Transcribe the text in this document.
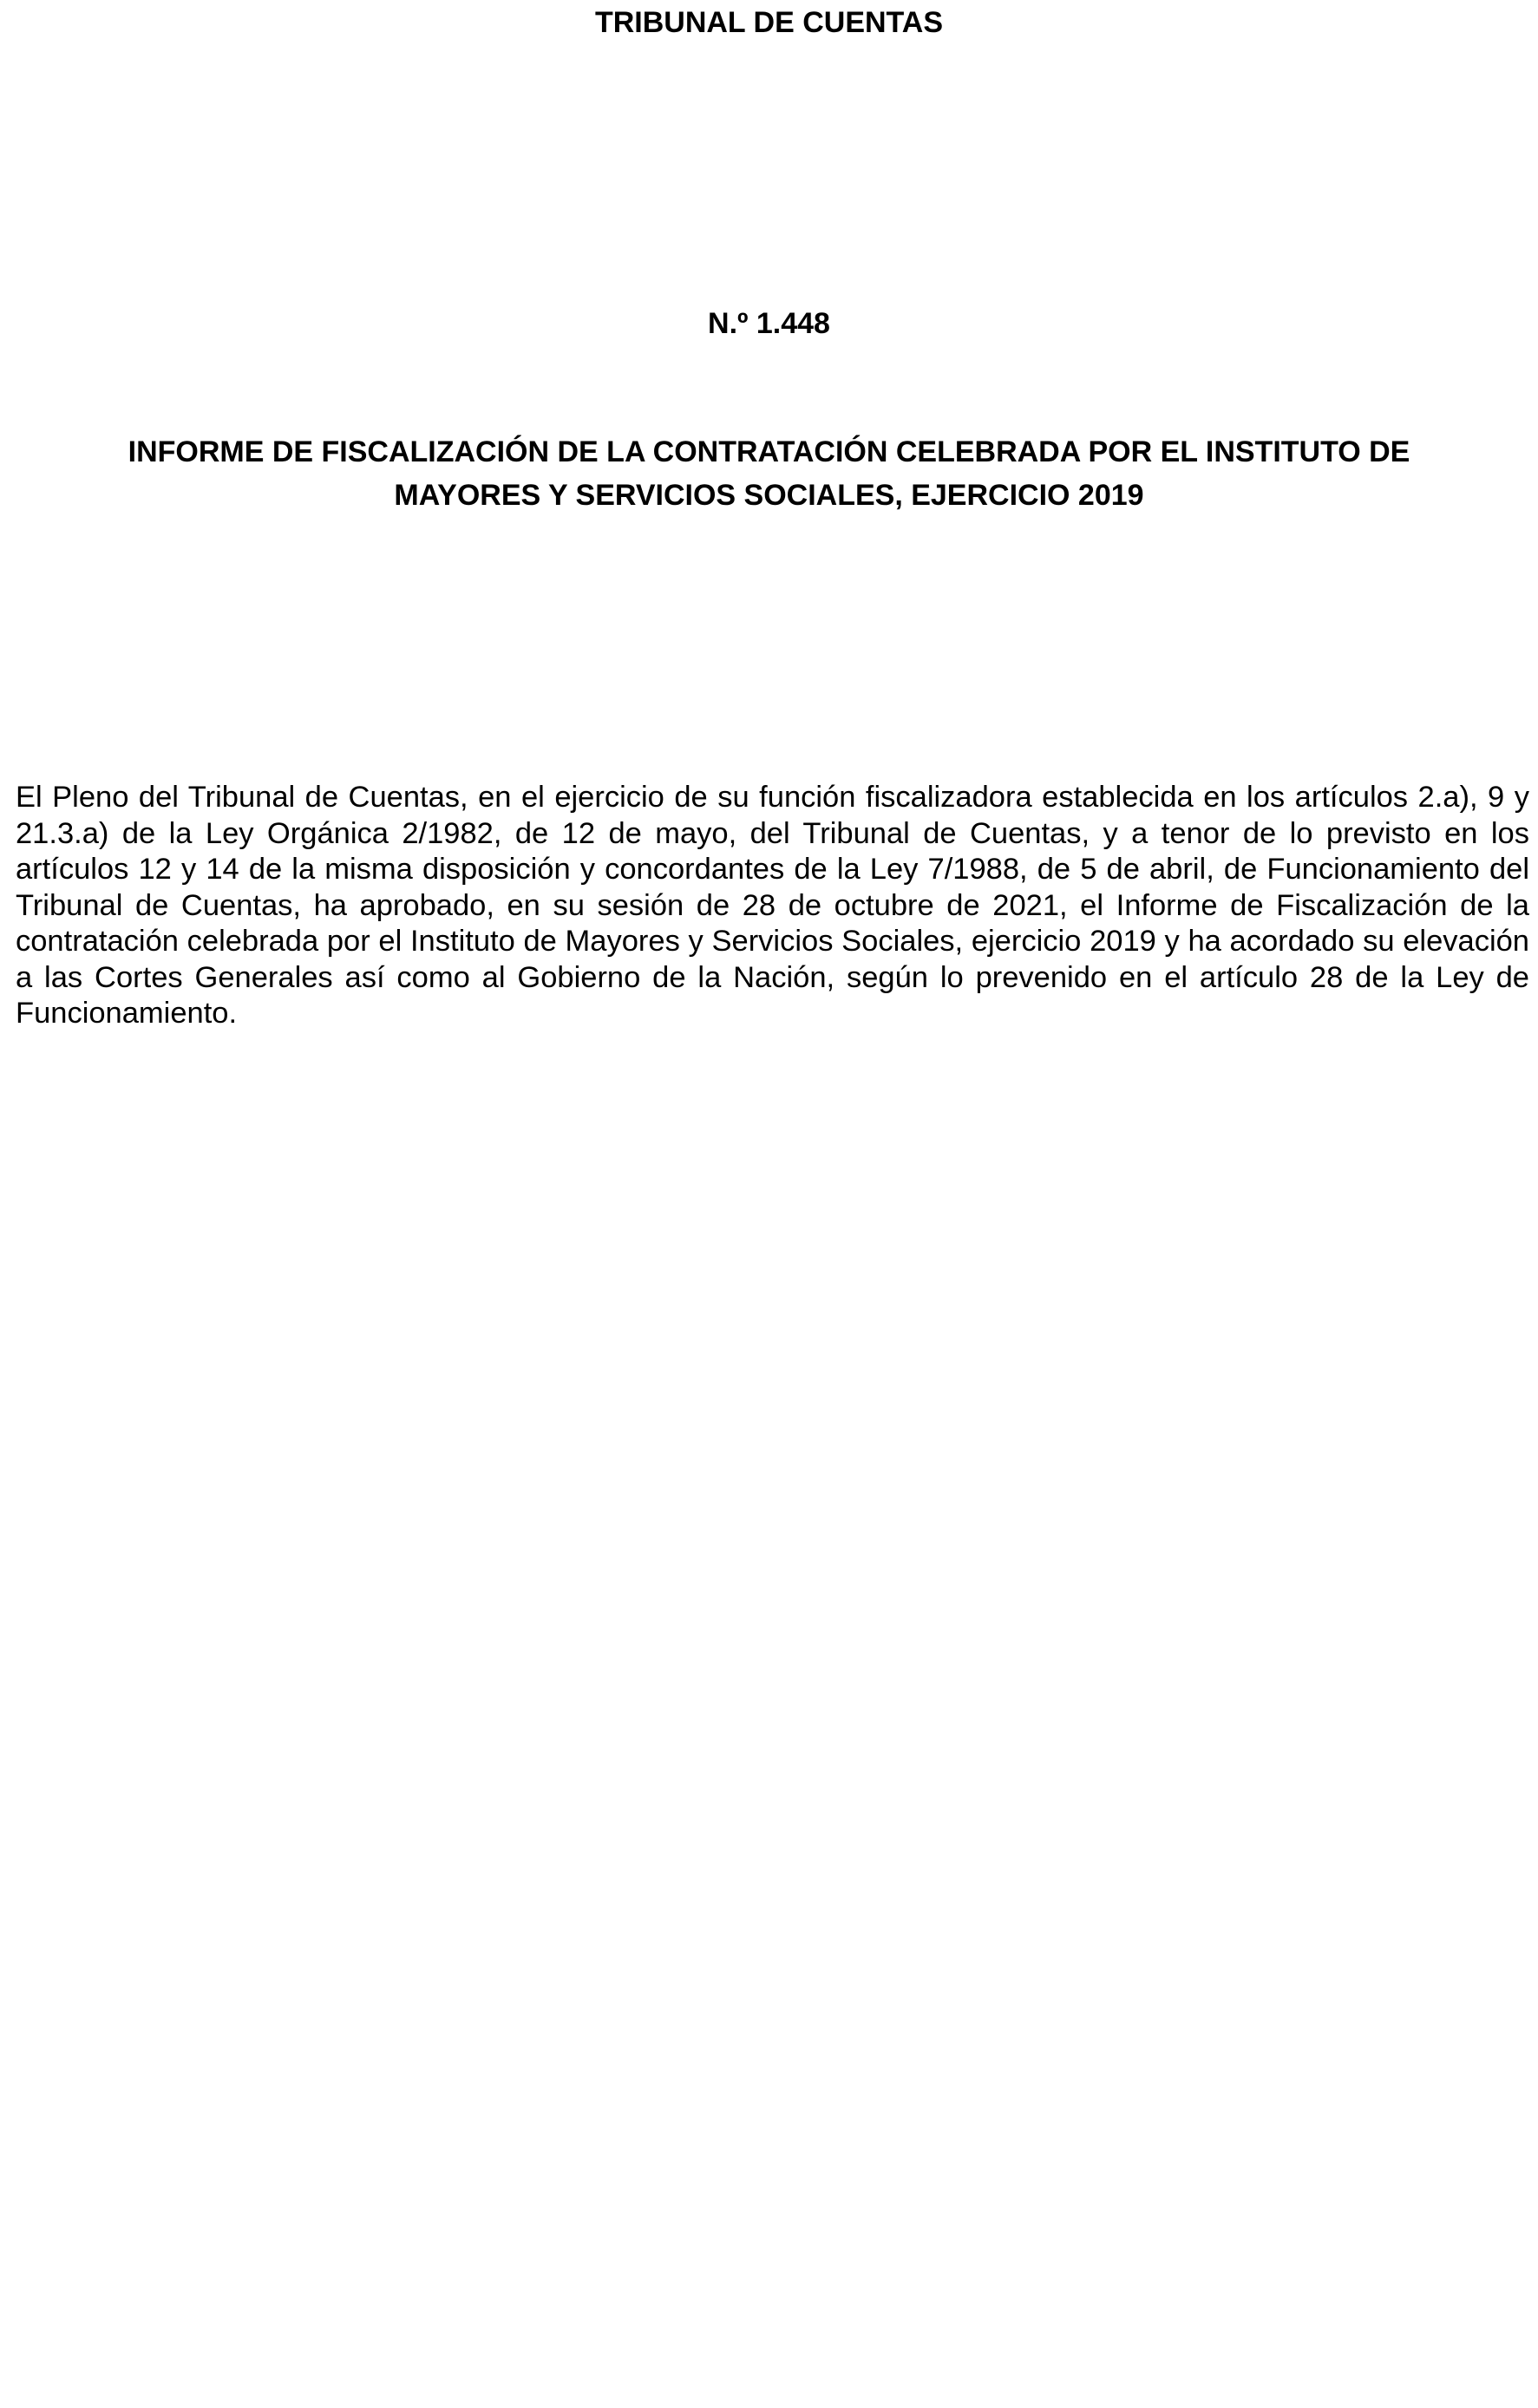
TRIBUNAL DE CUENTAS
N.º 1.448
INFORME DE FISCALIZACIÓN DE LA CONTRATACIÓN CELEBRADA POR EL INSTITUTO DE
MAYORES Y SERVICIOS SOCIALES, EJERCICIO 2019

El Pleno del Tribunal de Cuentas, en el ejercicio de su función fiscalizadora establecida en los artículos 2.a), 9 y 21.3.a) de la Ley Orgánica 2/1982, de 12 de mayo, del Tribunal de Cuentas, y a tenor de lo previsto en los artículos 12 y 14 de la misma disposición y concordantes de la Ley 7/1988, de 5 de abril, de Funcionamiento del Tribunal de Cuentas, ha aprobado, en su sesión de 28 de octubre de 2021, el Informe de Fiscalización de la contratación celebrada por el Instituto de Mayores y Servicios Sociales, ejercicio 2019 y ha acordado su elevación a las Cortes Generales así como al Gobierno de la Nación, según lo prevenido en el artículo 28 de la Ley de Funcionamiento.
